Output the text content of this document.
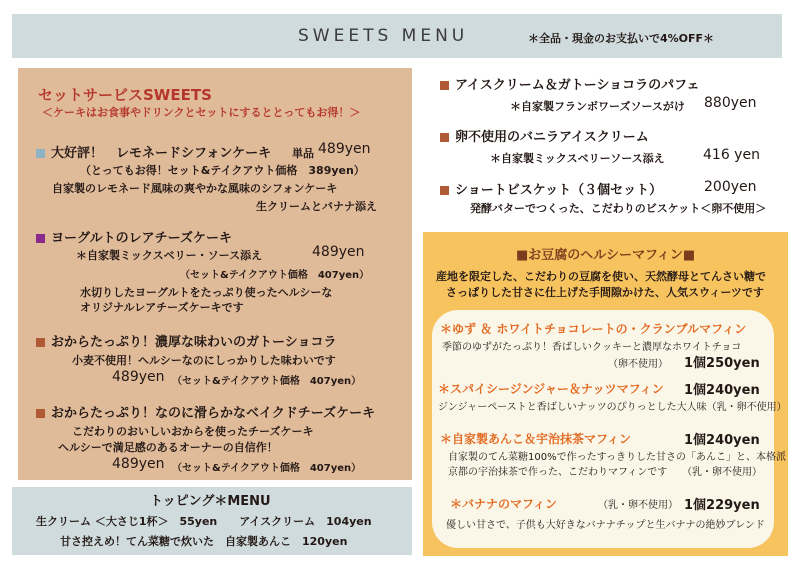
SWEETS MENU	＊全品・現金のお支払いで4%OFF＊
セットサービスSWEETS
＜ケーキはお食事やドリンクとセットにするととってもお得！＞
大好評！　レモネードシフォンケーキ 単品 489yen
（とってもお得！セット&テイクアウト価格　389yen）
自家製のレモネード風味の爽やかな風味のシフォンケーキ
生クリームとバナナ添え
ヨーグルトのレアチーズケーキ
＊自家製ミックスベリー・ソース添え	489yen
（セット&テイクアウト価格　407yen）
水切りしたヨーグルトをたっぷり使ったヘルシーな
オリジナルレアチーズケーキです
おからたっぷり！濃厚な味わいのガトーショコラ
小麦不使用！ヘルシーなのにしっかりした味わいです
489yen （セット&テイクアウト価格　407yen）
おからたっぷり！なのに滑らかなベイクドチーズケーキ
こだわりのおいしいおからを使ったチーズケーキ
ヘルシーで満足感のあるオーナーの自信作！
489yen （セット&テイクアウト価格　407yen）
トッピング＊MENU
生クリーム ＜大さじ1杯＞　55yen　　アイスクリーム　104yen
甘さ控えめ！てん菜糖で炊いた　自家製あんこ　120yen
アイスクリーム＆ガトーショコラのパフェ
＊自家製フランボワーズソースがけ 880yen
卵不使用のバニラアイスクリーム
＊自家製ミックスベリーソース添え	416 yen
ショートビスケット（３個セット）	200yen
発酵バターでつくった、こだわりのビスケット＜卵不使用＞
■お豆腐のヘルシーマフィン■
産地を限定した、こだわりの豆腐を使い、天然酵母とてんさい糖で
さっぱりした甘さに仕上げた手間隙かけた、人気スウィーツです
＊ゆず ＆ ホワイトチョコレートの・クランブルマフィン
季節のゆずがたっぷり！香ばしいクッキーと濃厚なホワイトチョコ
（卵不使用） 1個250yen
＊スパイシージンジャー＆ナッツマフィン 1個240yen
ジンジャーペーストと香ばしいナッツのぴりっとした大人味（乳・卵不使用）
＊自家製あんこ＆宇治抹茶マフィン	1個240yen
自家製のてん菜糖100%で作ったすっきりした甘さの「あんこ」と、本格派
京都の宇治抹茶で作った、こだわりマフィンです （乳・卵不使用）
＊バナナのマフィン	（乳・卵不使用） 1個229yen
優しい甘さで、子供も大好きなバナナチップと生バナナの絶妙ブレンド
